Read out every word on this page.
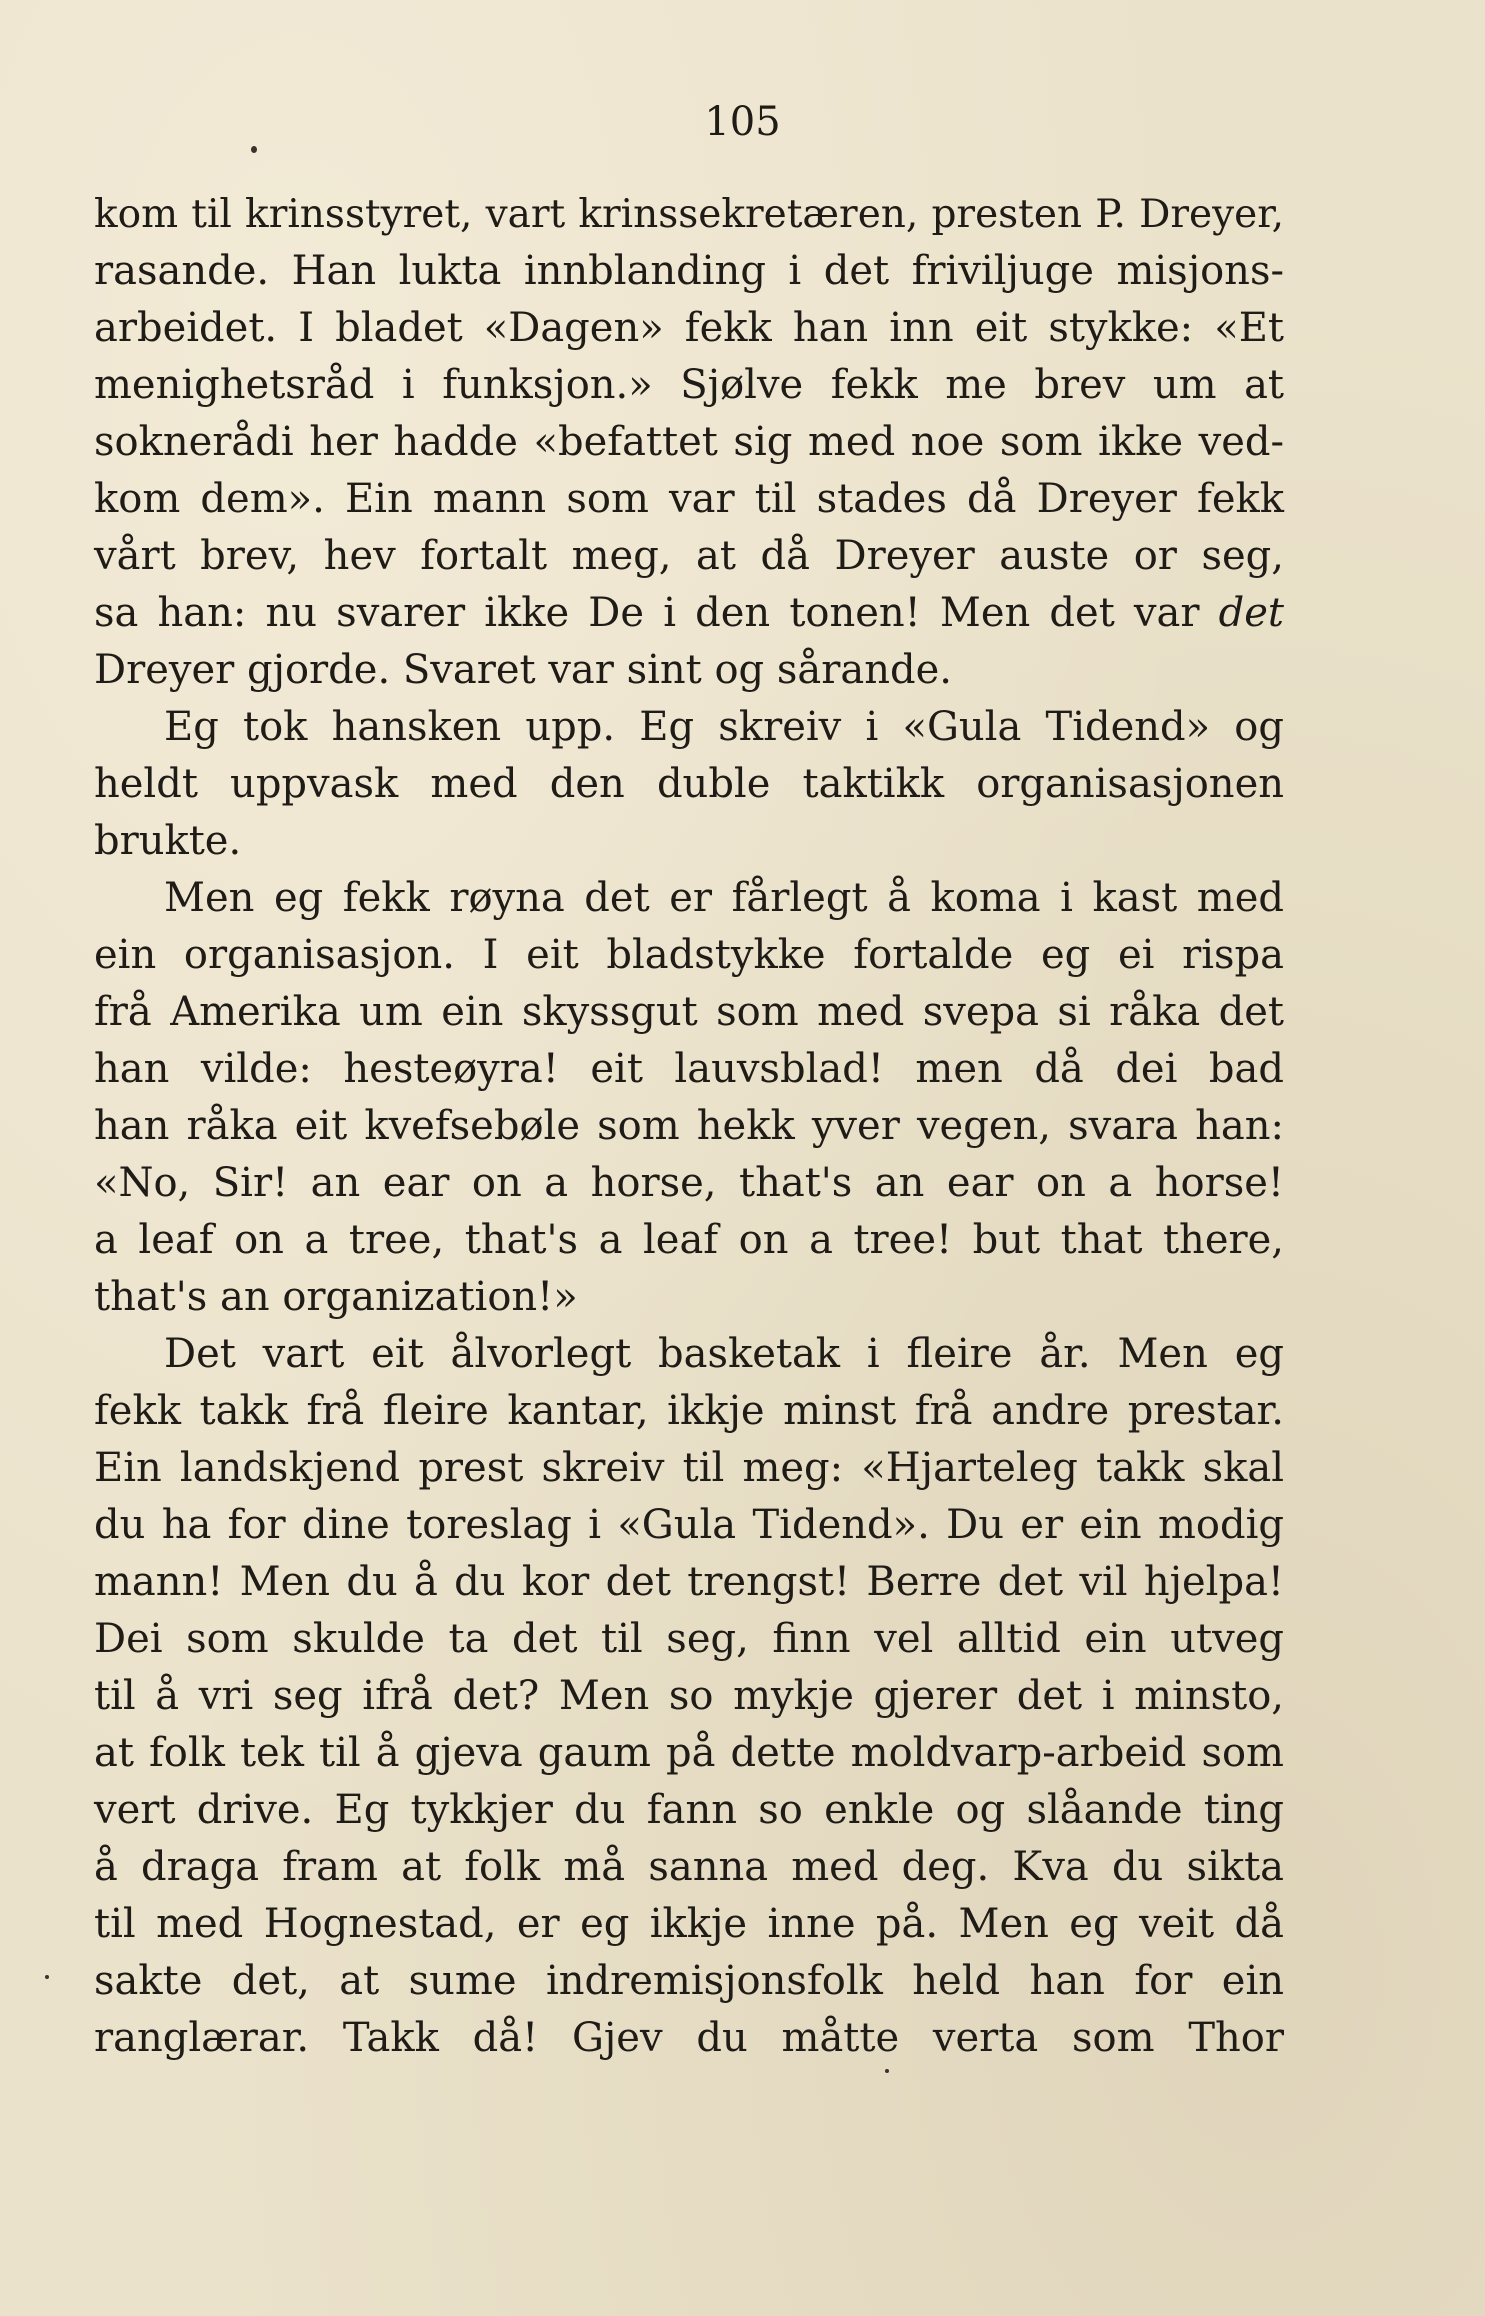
105
kom til krinsstyret, vart krinssekretæren, presten P. Dreyer,
rasande. Han lukta innblanding i det friviljuge misjons-
arbeidet. I bladet «Dagen» fekk han inn eit stykke: «Et
menighetsråd i funksjon.» Sjølve fekk me brev um at
soknerådi her hadde «befattet sig med noe som ikke ved-
kom dem». Ein mann som var til stades då Dreyer fekk
vårt brev, hev fortalt meg, at då Dreyer auste or seg,
sa han: nu svarer ikke De i den tonen! Men det var det
Dreyer gjorde. Svaret var sint og sårande.
Eg tok hansken upp. Eg skreiv i «Gula Tidend» og
heldt uppvask med den duble taktikk organisasjonen
brukte.
Men eg fekk røyna det er fårlegt å koma i kast med
ein organisasjon. I eit bladstykke fortalde eg ei rispa
frå Amerika um ein skyssgut som med svepa si råka det
han vilde: hesteøyra! eit lauvsblad! men då dei bad
han råka eit kvefsebøle som hekk yver vegen, svara han:
«No, Sir! an ear on a horse, that's an ear on a horse!
a leaf on a tree, that's a leaf on a tree! but that there,
that's an organization!»
Det vart eit ålvorlegt basketak i fleire år. Men eg
fekk takk frå fleire kantar, ikkje minst frå andre prestar.
Ein landskjend prest skreiv til meg: «Hjarteleg takk skal
du ha for dine toreslag i «Gula Tidend». Du er ein modig
mann! Men du å du kor det trengst! Berre det vil hjelpa!
Dei som skulde ta det til seg, finn vel alltid ein utveg
til å vri seg ifrå det? Men so mykje gjerer det i minsto,
at folk tek til å gjeva gaum på dette moldvarp-arbeid som
vert drive. Eg tykkjer du fann so enkle og slåande ting
å draga fram at folk må sanna med deg. Kva du sikta
til med Hognestad, er eg ikkje inne på. Men eg veit då
sakte det, at sume indremisjonsfolk held han for ein
ranglærar. Takk då! Gjev du måtte verta som Thor
